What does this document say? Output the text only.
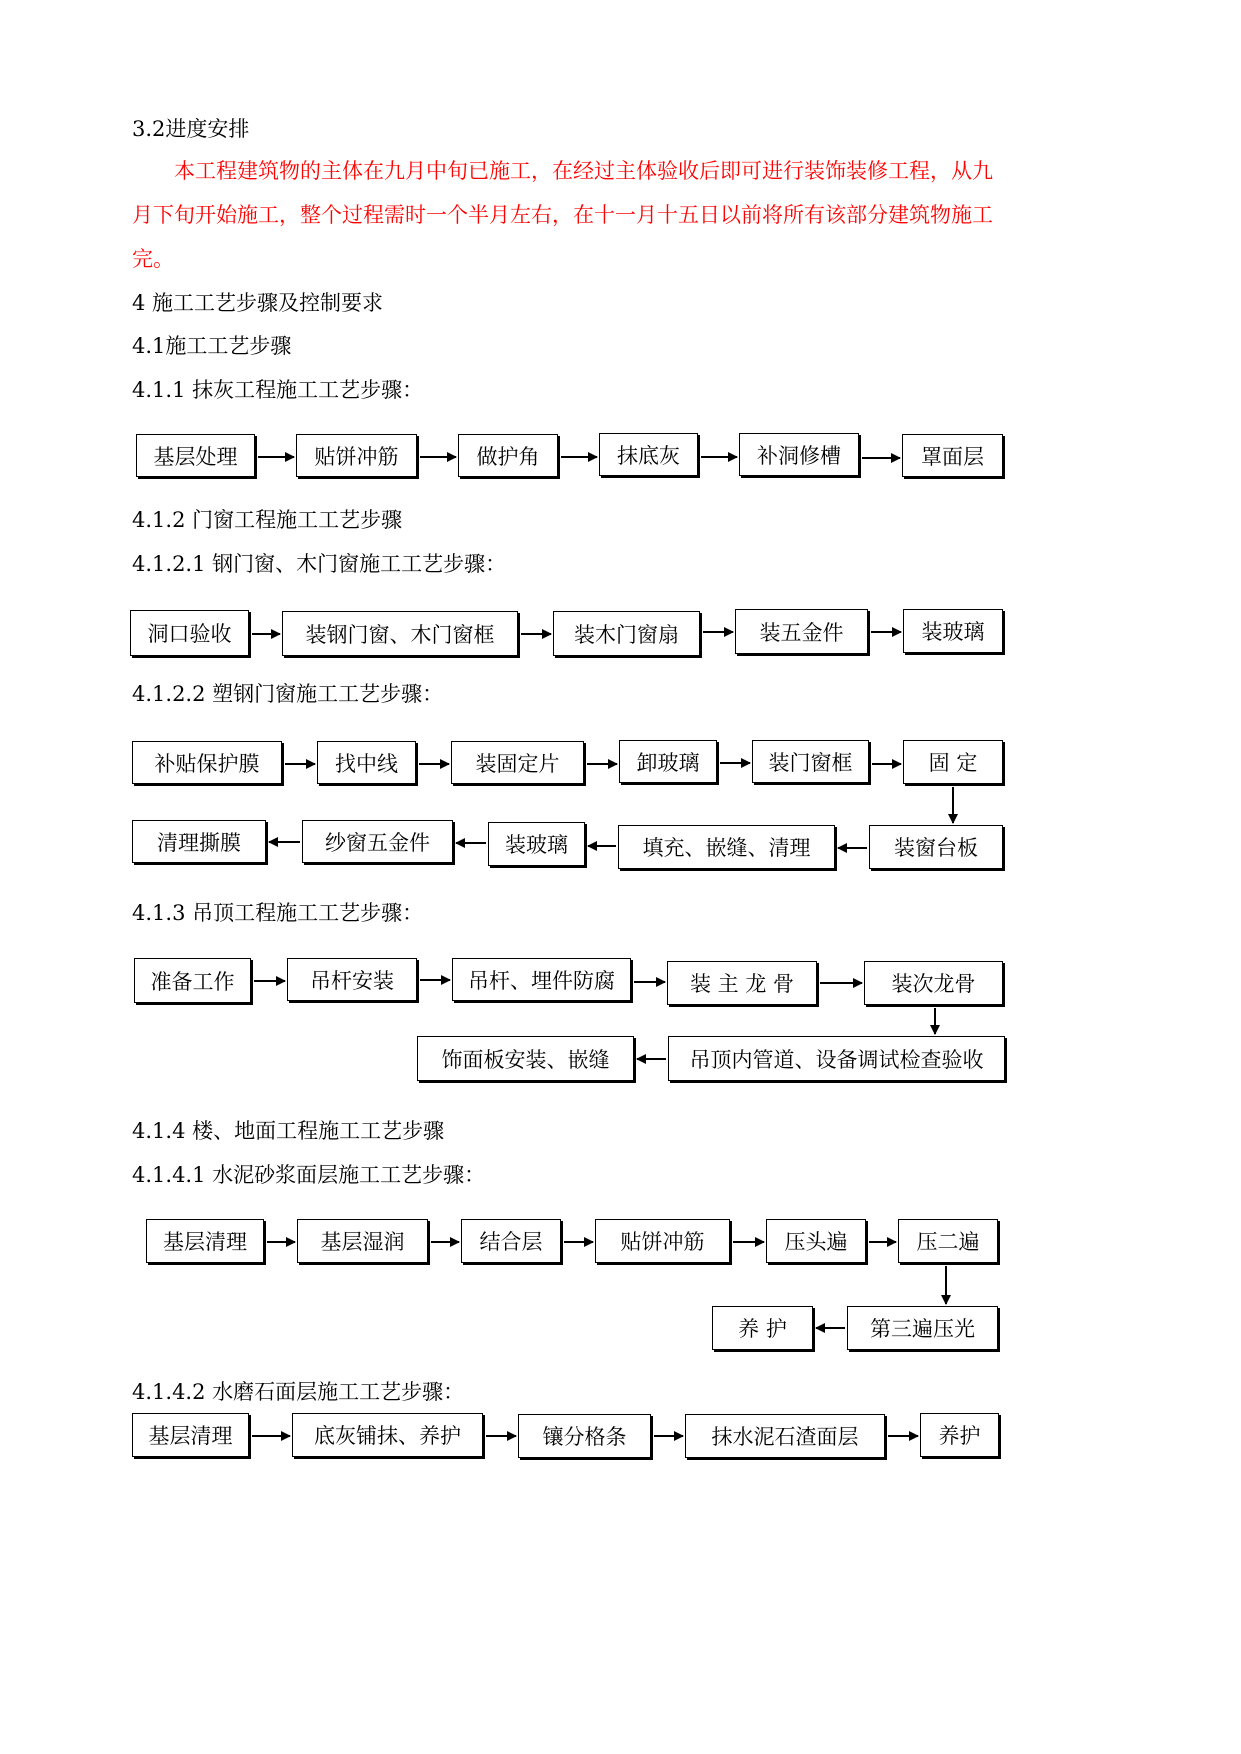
3.2进度安排
本工程建筑物的主体在九月中旬已施工，在经过主体验收后即可进行装饰装修工程，从九月下旬开始施工，整个过程需时一个半月左右，在十一月十五日以前将所有该部分建筑物施工完。
4 施工工艺步骤及控制要求
4.1施工工艺步骤
4.1.1 抹灰工程施工工艺步骤：
4.1.2 门窗工程施工工艺步骤
4.1.2.1 钢门窗、木门窗施工工艺步骤：
4.1.2.2 塑钢门窗施工工艺步骤：
4.1.3 吊顶工程施工工艺步骤：
4.1.4 楼、地面工程施工工艺步骤
4.1.4.1 水泥砂浆面层施工工艺步骤：
4.1.4.2 水磨石面层施工工艺步骤：
基层处理	贴饼冲筋	做护角	抹底灰	补洞修槽	罩面层
洞口验收	装钢门窗、木门窗框	装木门窗扇	装五金件	装玻璃
补贴保护膜	找中线	装固定片	卸玻璃	装门窗框	固 定
清理撕膜	纱窗五金件	装玻璃	填充、嵌缝、清理	装窗台板
准备工作	吊杆安装	吊杆、埋件防腐	装 主 龙 骨	装次龙骨
饰面板安装、嵌缝	吊顶内管道、设备调试检查验收
基层清理	基层湿润	结合层	贴饼冲筋	压头遍	压二遍
养 护	第三遍压光
基层清理	底灰铺抹、养护	镶分格条	抹水泥石渣面层	养护
